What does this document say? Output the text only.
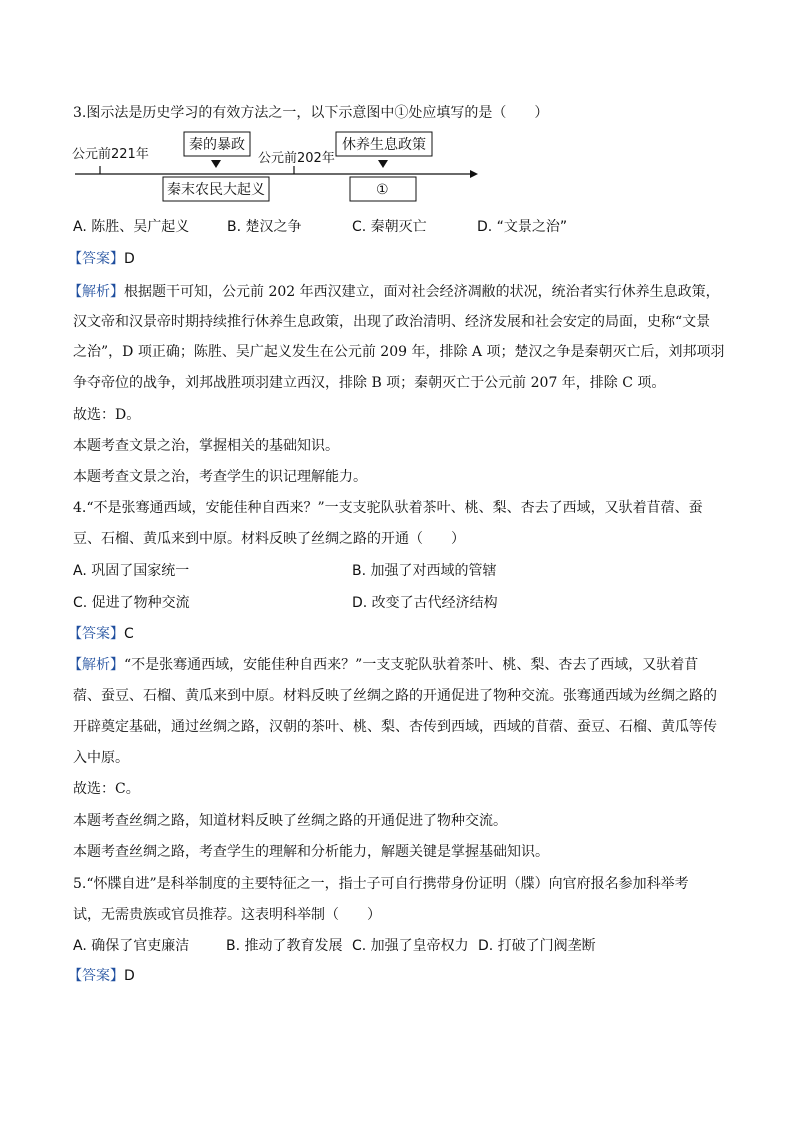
3.图示法是历史学习的有效方法之一，以下示意图中①处应填写的是（　　）
公元前221年	公元前202年
秦的暴政
秦末农民大起义
休养生息政策
①
A. 陈胜、吴广起义	B. 楚汉之争	C. 秦朝灭亡	D. “文景之治”
【答案】D
【解析】根据题干可知，公元前 202 年西汉建立，面对社会经济凋敝的状况，统治者实行休养生息政策，
汉文帝和汉景帝时期持续推行休养生息政策，出现了政治清明、经济发展和社会安定的局面，史称“文景
之治”，D 项正确；陈胜、吴广起义发生在公元前 209 年，排除 A 项；楚汉之争是秦朝灭亡后，刘邦项羽
争夺帝位的战争，刘邦战胜项羽建立西汉，排除 B 项；秦朝灭亡于公元前 207 年，排除 C 项。
故选：D。
本题考查文景之治，掌握相关的基础知识。
本题考查文景之治，考查学生的识记理解能力。
4.“不是张骞通西域，安能佳种自西来？”一支支驼队驮着茶叶、桃、梨、杏去了西域，又驮着苜蓿、蚕
豆、石榴、黄瓜来到中原。材料反映了丝绸之路的开通（　　）
A. 巩固了国家统一	B. 加强了对西域的管辖
C. 促进了物种交流	D. 改变了古代经济结构
【答案】C
【解析】“不是张骞通西域，安能佳种自西来？”一支支驼队驮着茶叶、桃、梨、杏去了西域，又驮着苜
蓿、蚕豆、石榴、黄瓜来到中原。材料反映了丝绸之路的开通促进了物种交流。张骞通西域为丝绸之路的
开辟奠定基础，通过丝绸之路，汉朝的茶叶、桃、梨、杏传到西域，西域的苜蓿、蚕豆、石榴、黄瓜等传
入中原。
故选：C。
本题考查丝绸之路，知道材料反映了丝绸之路的开通促进了物种交流。
本题考查丝绸之路，考查学生的理解和分析能力，解题关键是掌握基础知识。
5.“怀牒自进”是科举制度的主要特征之一，指士子可自行携带身份证明（牒）向官府报名参加科举考
试，无需贵族或官员推荐。这表明科举制（　　）
A. 确保了官吏廉洁	B. 推动了教育发展 C. 加强了皇帝权力 D. 打破了门阀垄断
【答案】D
